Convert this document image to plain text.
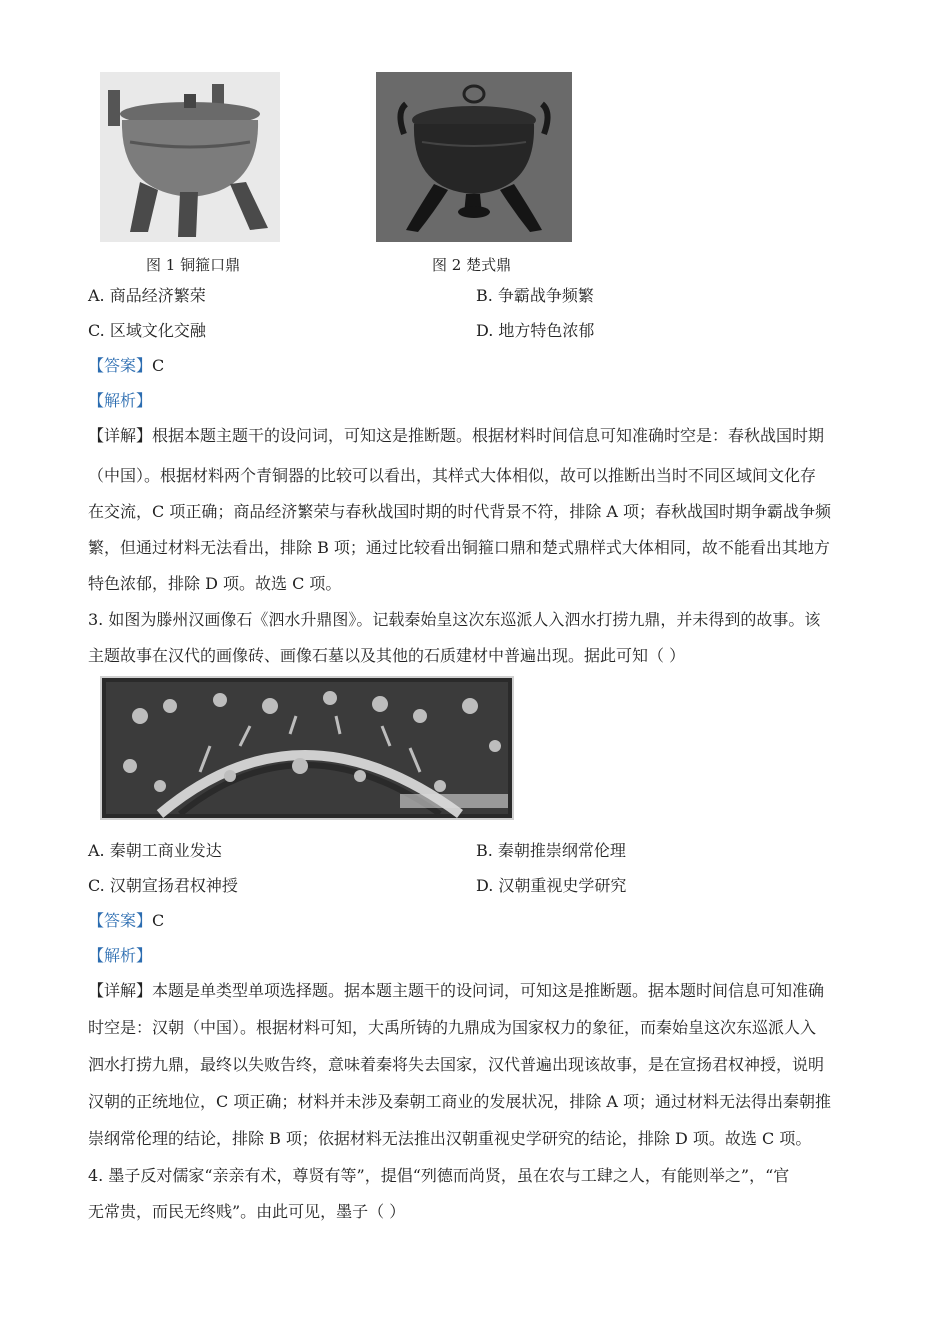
图 1 铜箍口鼎	图 2 楚式鼎
A. 商品经济繁荣	B. 争霸战争频繁
C. 区域文化交融	D. 地方特色浓郁
【答案】C
【解析】
【详解】根据本题主题干的设问词，可知这是推断题。根据材料时间信息可知准确时空是：春秋战国时期
（中国）。根据材料两个青铜器的比较可以看出，其样式大体相似，故可以推断出当时不同区域间文化存
在交流，C 项正确；商品经济繁荣与春秋战国时期的时代背景不符，排除 A 项；春秋战国时期争霸战争频
繁，但通过材料无法看出，排除 B 项；通过比较看出铜箍口鼎和楚式鼎样式大体相同，故不能看出其地方
特色浓郁，排除 D 项。故选 C 项。
3. 如图为滕州汉画像石《泗水升鼎图》。记载秦始皇这次东巡派人入泗水打捞九鼎，并未得到的故事。该
主题故事在汉代的画像砖、画像石墓以及其他的石质建材中普遍出现。据此可知（ ）
A. 秦朝工商业发达	B. 秦朝推崇纲常伦理
C. 汉朝宣扬君权神授	D. 汉朝重视史学研究
【答案】C
【解析】
【详解】本题是单类型单项选择题。据本题主题干的设问词，可知这是推断题。据本题时间信息可知准确
时空是：汉朝（中国）。根据材料可知，大禹所铸的九鼎成为国家权力的象征，而秦始皇这次东巡派人入
泗水打捞九鼎，最终以失败告终，意味着秦将失去国家，汉代普遍出现该故事，是在宣扬君权神授，说明
汉朝的正统地位，C 项正确；材料并未涉及秦朝工商业的发展状况，排除 A 项；通过材料无法得出秦朝推
崇纲常伦理的结论，排除 B 项；依据材料无法推出汉朝重视史学研究的结论，排除 D 项。故选 C 项。
4. 墨子反对儒家“亲亲有术，尊贤有等”，提倡“列德而尚贤，虽在农与工肆之人，有能则举之”，“官
无常贵，而民无终贱”。由此可见，墨子（ ）
